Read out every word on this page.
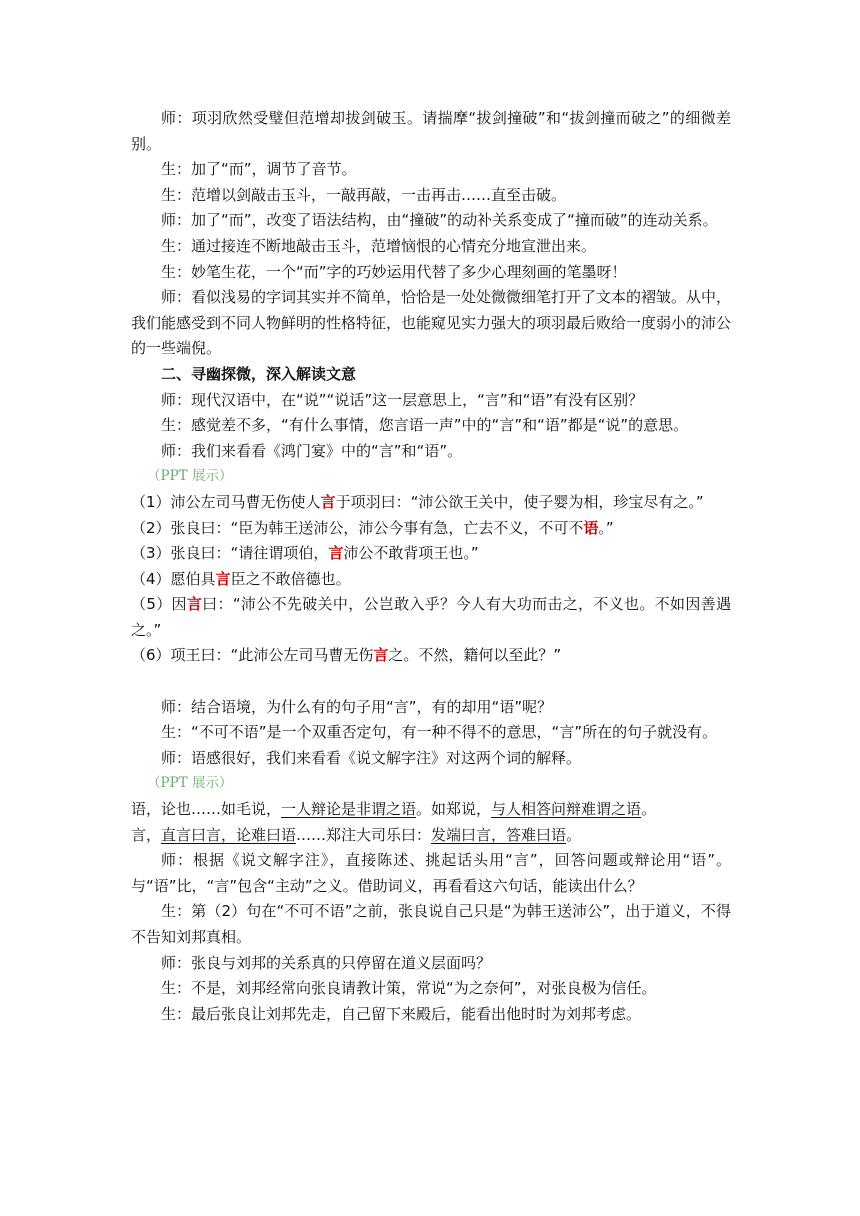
师：项羽欣然受璧但范增却拔剑破玉。请揣摩“拔剑撞破”和“拔剑撞而破之”的细微差别。
生：加了“而”，调节了音节。
生：范增以剑敲击玉斗，一敲再敲，一击再击……直至击破。
师：加了“而”，改变了语法结构，由“撞破”的动补关系变成了“撞而破”的连动关系。
生：通过接连不断地敲击玉斗，范增恼恨的心情充分地宣泄出来。
生：妙笔生花，一个“而”字的巧妙运用代替了多少心理刻画的笔墨呀！
师：看似浅易的字词其实并不简单，恰恰是一处处微微细笔打开了文本的褶皱。从中，我们能感受到不同人物鲜明的性格特征，也能窥见实力强大的项羽最后败给一度弱小的沛公的一些端倪。
二、寻幽探微，深入解读文意
师：现代汉语中，在“说”“说话”这一层意思上，“言”和“语”有没有区别？
生：感觉差不多，“有什么事情，您言语一声”中的“言”和“语”都是“说”的意思。
师：我们来看看《鸿门宴》中的“言”和“语”。
（PPT 展示）
（1）沛公左司马曹无伤使人言于项羽曰：“沛公欲王关中，使子婴为相，珍宝尽有之。”
（2）张良曰：“臣为韩王送沛公，沛公今事有急，亡去不义，不可不语。”
（3）张良曰：“请往谓项伯，言沛公不敢背项王也。”
（4）愿伯具言臣之不敢倍德也。
（5）因言曰：“沛公不先破关中，公岂敢入乎？今人有大功而击之，不义也。不如因善遇之。”
（6）项王曰：“此沛公左司马曹无伤言之。不然，籍何以至此？”
师：结合语境，为什么有的句子用“言”，有的却用“语”呢？
生：“不可不语”是一个双重否定句，有一种不得不的意思，“言”所在的句子就没有。
师：语感很好，我们来看看《说文解字注》对这两个词的解释。
（PPT 展示）
语，论也……如毛说，一人辩论是非谓之语。如郑说，与人相答问辩难谓之语。
言，直言曰言，论难曰语……郑注大司乐曰：发端曰言，答难曰语。
师：根据《说文解字注》，直接陈述、挑起话头用“言”，回答问题或辩论用“语”。与“语”比，“言”包含“主动”之义。借助词义，再看看这六句话，能读出什么？
生：第（2）句在“不可不语”之前，张良说自己只是“为韩王送沛公”，出于道义，不得不告知刘邦真相。
师：张良与刘邦的关系真的只停留在道义层面吗？
生：不是，刘邦经常向张良请教计策，常说“为之奈何”，对张良极为信任。
生：最后张良让刘邦先走，自己留下来殿后，能看出他时时为刘邦考虑。
